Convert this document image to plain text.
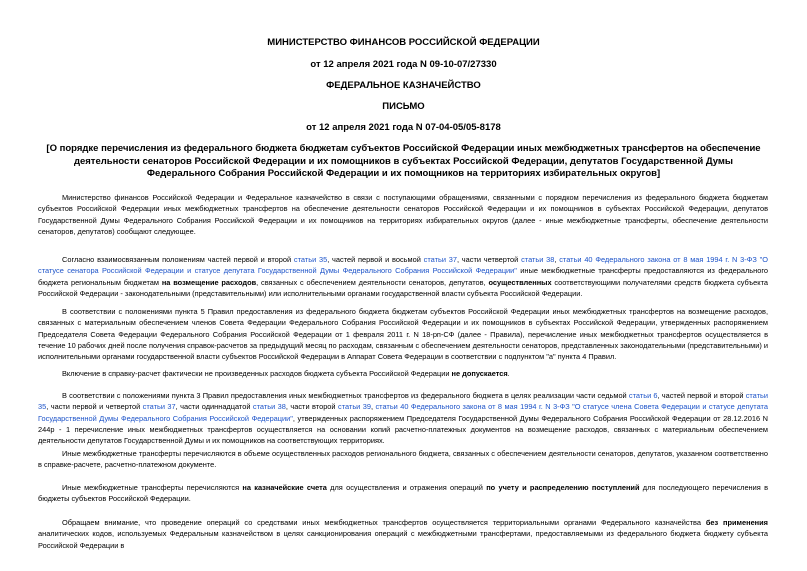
МИНИСТЕРСТВО ФИНАНСОВ РОССИЙСКОЙ ФЕДЕРАЦИИ

от 12 апреля 2021 года N 09-10-07/27330

ФЕДЕРАЛЬНОЕ КАЗНАЧЕЙСТВО

ПИСЬМО

от 12 апреля 2021 года N 07-04-05/05-8178

[О порядке перечисления из федерального бюджета бюджетам субъектов Российской Федерации иных межбюджетных трансфертов на обеспечение деятельности сенаторов Российской Федерации и их помощников в субъектах Российской Федерации, депутатов Государственной Думы Федерального Собрания Российской Федерации и их помощников на территориях избирательных округов]

Министерство финансов Российской Федерации и Федеральное казначейство в связи с поступающими обращениями, связанными с порядком перечисления из федерального бюджета бюджетам субъектов Российской Федерации иных межбюджетных трансфертов на обеспечение деятельности сенаторов Российской Федерации и их помощников в субъектах Российской Федерации, депутатов Государственной Думы Федерального Собрания Российской Федерации и их помощников на территориях избирательных округов (далее - иные межбюджетные трансферты, обеспечение деятельности сенаторов, депутатов) сообщают следующее.

Согласно взаимосвязанным положениям частей первой и второй статьи 35, частей первой и восьмой статьи 37, части четвертой статьи 38, статьи 40 Федерального закона от 8 мая 1994 г. N 3-ФЗ "О статусе сенатора Российской Федерации и статусе депутата Государственной Думы Федерального Собрания Российской Федерации" иные межбюджетные трансферты предоставляются из федерального бюджета региональным бюджетам на возмещение расходов, связанных с обеспечением деятельности сенаторов, депутатов, осуществленных соответствующими получателями средств бюджета субъекта Российской Федерации - законодательными (представительными) или исполнительными органами государственной власти субъекта Российской Федерации.

В соответствии с положениями пункта 5 Правил предоставления из федерального бюджета бюджетам субъектов Российской Федерации иных межбюджетных трансфертов на возмещение расходов, связанных с материальным обеспечением членов Совета Федерации Федерального Собрания Российской Федерации и их помощников в субъектах Российской Федерации, утвержденных распоряжением Председателя Совета Федерации Федерального Собрания Российской Федерации от 1 февраля 2011 г. N 18-рп-СФ (далее - Правила), перечисление иных межбюджетных трансфертов осуществляется в течение 10 рабочих дней после получения справок-расчетов за предыдущий месяц по расходам, связанным с обеспечением деятельности сенаторов, представленных законодательными (представительными) и исполнительными органами государственной власти субъектов Российской Федерации в Аппарат Совета Федерации в соответствии с подпунктом "а" пункта 4 Правил.

Включение в справку-расчет фактически не произведенных расходов бюджета субъекта Российской Федерации не допускается.

В соответствии с положениями пункта 3 Правил предоставления иных межбюджетных трансфертов из федерального бюджета в целях реализации части седьмой статьи 6, частей первой и второй статьи 35, части первой и четвертой статьи 37, части одиннадцатой статьи 38, части второй статьи 39, статьи 40 Федерального закона от 8 мая 1994 г. N 3-ФЗ "О статусе члена Совета Федерации и статусе депутата Государственной Думы Федерального Собрания Российской Федерации", утвержденных распоряжением Председателя Государственной Думы Федерального Собрания Российской Федерации от 28.12.2016 N 244р - 1 перечисление иных межбюджетных трансфертов осуществляется на основании копий расчетно-платежных документов на возмещение расходов, связанных с материальным обеспечением деятельности депутатов Государственной Думы и их помощников на соответствующих территориях.

Иные межбюджетные трансферты перечисляются в объеме осуществленных расходов регионального бюджета, связанных с обеспечением деятельности сенаторов, депутатов, указанном соответственно в справке-расчете, расчетно-платежном документе.

Иные межбюджетные трансферты перечисляются на казначейские счета для осуществления и отражения операций по учету и распределению поступлений для последующего перечисления в бюджеты субъектов Российской Федерации.

Обращаем внимание, что проведение операций со средствами иных межбюджетных трансфертов осуществляется территориальными органами Федерального казначейства без применения аналитических кодов, используемых Федеральным казначейством в целях санкционирования операций с межбюджетными трансфертами, предоставляемыми из федерального бюджета бюджету субъекта Российской Федерации в
